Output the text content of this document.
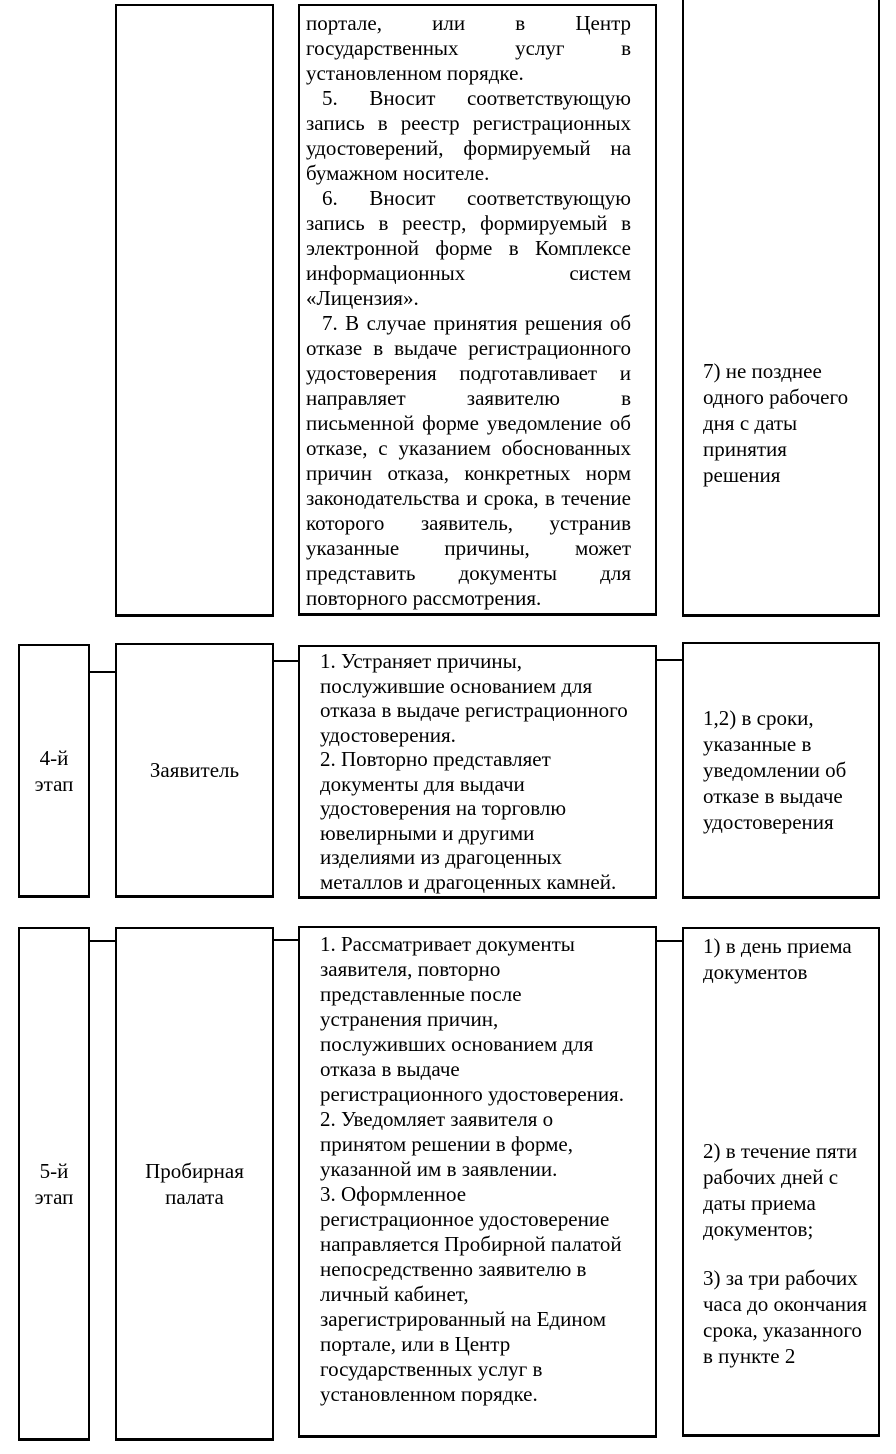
портале, или в Центр государственных услуг в установленном порядке.

5. Вносит соответствующую запись в реестр регистрационных удостоверений, формируемый на бумажном носителе.

6. Вносит соответствующую запись в реестр, формируемый в электронной форме в Комплексе информационных систем «Лицензия».

7. В случае принятия решения об отказе в выдаче регистрационного удостоверения подготавливает и направляет заявителю в письменной форме уведомление об отказе, с указанием обоснованных причин отказа, конкретных норм законодательства и срока, в течение которого заявитель, устранив указанные причины, может представить документы для повторного рассмотрения.

7) не позднее одного рабочего дня с даты принятия решения

4-й этап

Заявитель

1. Устраняет причины, послужившие основанием для отказа в выдаче регистрационного удостоверения.

2. Повторно представляет документы для выдачи удостоверения на торговлю ювелирными и другими изделиями из драгоценных металлов и драгоценных камней.

1,2) в сроки, указанные в уведомлении об отказе в выдаче удостоверения

5-й этап

Пробирная палата

1. Рассматривает документы заявителя, повторно представленные после устранения причин, послуживших основанием для отказа в выдаче регистрационного удостоверения.

2. Уведомляет заявителя о принятом решении в форме, указанной им в заявлении.

3. Оформленное регистрационное удостоверение направляется Пробирной палатой непосредственно заявителю в личный кабинет, зарегистрированный на Едином портале, или в Центр государственных услуг в установленном порядке.

1) в день приема документов

2) в течение пяти рабочих дней с даты приема документов;

3) за три рабочих часа до окончания срока, указанного в пункте 2
